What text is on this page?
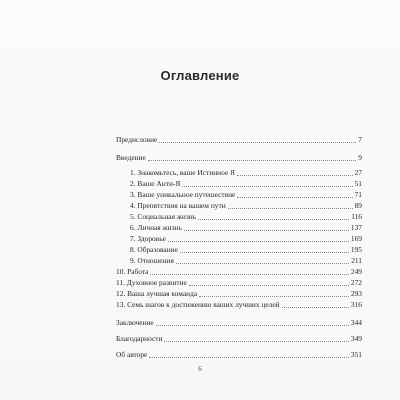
Оглавление
Предисловие	7
Введение	9
1. Знакомьтесь, ваше Истинное Я	27
2. Ваше Анти-Я	51
3. Ваше уникальное путешествие	71
4. Препятствия на вашем пути	89
5. Социальная жизнь	116
6. Личная жизнь	137
7. Здоровье	169
8. Образование	195
9. Отношения	211
10. Работа	249
11. Духовное развитие	272
12. Ваша лучшая команда	293
13. Семь шагов к достижению ваших лучших целей	316
Заключение	344
Благодарности	349
Об авторе	351
6
